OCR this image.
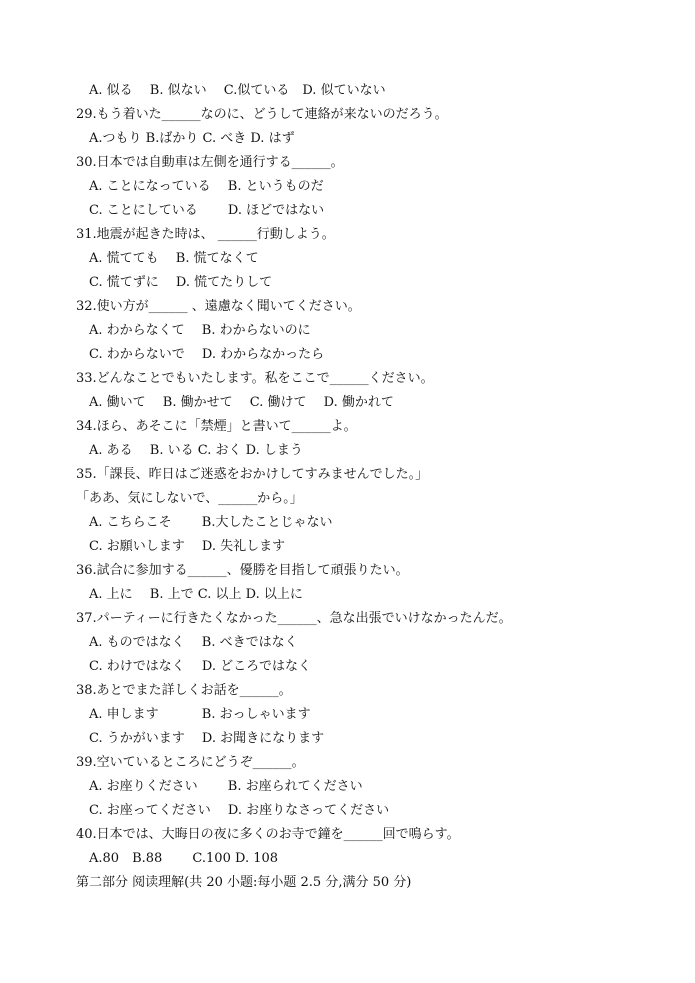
A. 似る　 B. 似ない　 C.似ている　D. 似ていない
29.もう着いた______なのに、どうして連絡が来ないのだろう。
A.つもり B.ばかり C. べき D. はず
30.日本では自動車は左側を通行する______。
A. ことになっている　 B. というものだ
C. ことにしている　　 D. ほどではない
31.地震が起きた時は、 ______行動しよう。
A. 慌てても　 B. 慌てなくて
C. 慌てずに　 D. 慌てたりして
32.使い方が______ 、遠慮なく聞いてください。
A. わからなくて　 B. わからないのに
C. わからないで　 D. わからなかったら
33.どんなことでもいたします。私をここで______ください。
A. 働いて　 B. 働かせて　 C. 働けて　 D. 働かれて
34.ほら、あそこに「禁煙」と書いて______よ。
A. ある　 B. いる C. おく D. しまう
35.「課長、昨日はご迷惑をおかけしてすみませんでした。」
「ああ、気にしないで、______から。」
A. こちらこそ　　 B.大したことじゃない
C. お願いします　 D. 失礼します
36.試合に参加する______、優勝を目指して頑張りたい。
A. 上に　 B. 上で C. 以上 D. 以上に
37.パーティーに行きたくなかった______、急な出張でいけなかったんだ。
A. ものではなく　 B. べきではなく
C. わけではなく　 D. どころではなく
38.あとでまた詳しくお話を______。
A. 申します　　　 B. おっしゃいます
C. うかがいます　 D. お聞きになります
39.空いているところにどうぞ______。
A. お座りください　　 B. お座られてください
C. お座ってください　 D. お座りなさってください
40.日本では、大晦日の夜に多くのお寺で鐘を______回で鳴らす。
A.80　B.88　　 C.100 D. 108
第二部分 阅读理解(共 20 小题:每小题 2.5 分,满分 50 分)
